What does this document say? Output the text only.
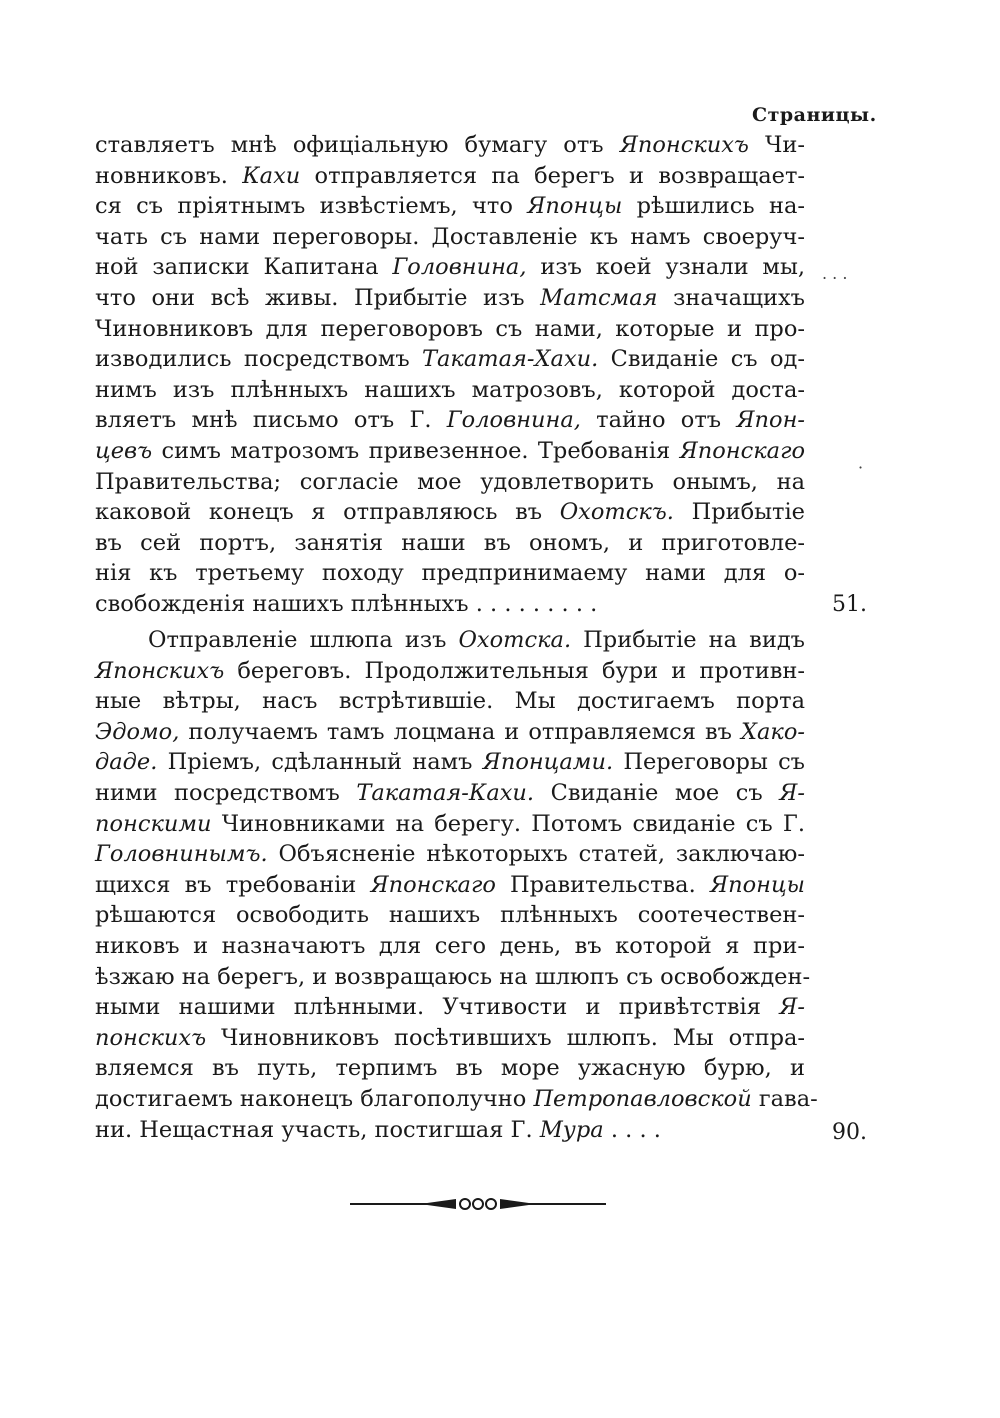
Страницы.
ставляетъ мнѣ офиціальную бумагу отъ Японскихъ Чи-
новниковъ. Кахи отправляется па берегъ и возвращает-
ся съ пріятнымъ извѣстіемъ, что Японцы рѣшились на-
чать съ нами переговоры. Доставленіе къ намъ своеруч-
ной записки Капитана Головнина, изъ коей узнали мы,
что они всѣ живы. Прибытіе изъ Матсмая значащихъ
Чиновниковъ для переговоровъ съ нами, которые и про-
изводились посредствомъ Такатая-Хахи. Свиданіе съ од-
нимъ изъ плѣнныхъ нашихъ матрозовъ, которой доста-
вляетъ мнѣ письмо отъ Г. Головнина, тайно отъ Япон-
цевъ симъ матрозомъ привезенное. Требованія Японскаго
Правительства; согласіе мое удовлетворить онымъ, на
каковой конецъ я отправляюсь въ Охотскъ. Прибытіе
въ сей портъ, занятія наши въ ономъ, и приготовле-
нія къ третьему походу предпринимаему нами для о-
свобожденія нашихъ плѣнныхъ . . . . . . . . .	51.
Отправленіе шлюпа изъ Охотска. Прибытіе на видъ
Японскихъ береговъ. Продолжительныя бури и противн-
ные вѣтры, насъ встрѣтившіе. Мы достигаемъ порта
Эдомо, получаемъ тамъ лоцмана и отправляемся въ Хако-
даде. Пріемъ, сдѣланный намъ Японцами. Переговоры съ
ними посредствомъ Такатая-Кахи. Свиданіе мое съ Я-
понскими Чиновниками на берегу. Потомъ свиданіе съ Г.
Головнинымъ. Объясненіе нѣкоторыхъ статей, заключаю-
щихся въ требованіи Японскаго Правительства. Японцы
рѣшаются освободить нашихъ плѣнныхъ соотечествен-
никовъ и назначаютъ для сего день, въ которой я при-
ѣзжаю на берегъ, и возвращаюсь на шлюпъ съ освобожден-
ными нашими плѣнными. Учтивости и привѣтствія Я-
понскихъ Чиновниковъ посѣтившихъ шлюпъ. Мы отпра-
вляемся въ путь, терпимъ въ море ужасную бурю, и
достигаемъ наконецъ благополучно Петропавловской гава-
ни. Нещастная участь, постигшая Г. Мура . . . .	90.
. . .
·
